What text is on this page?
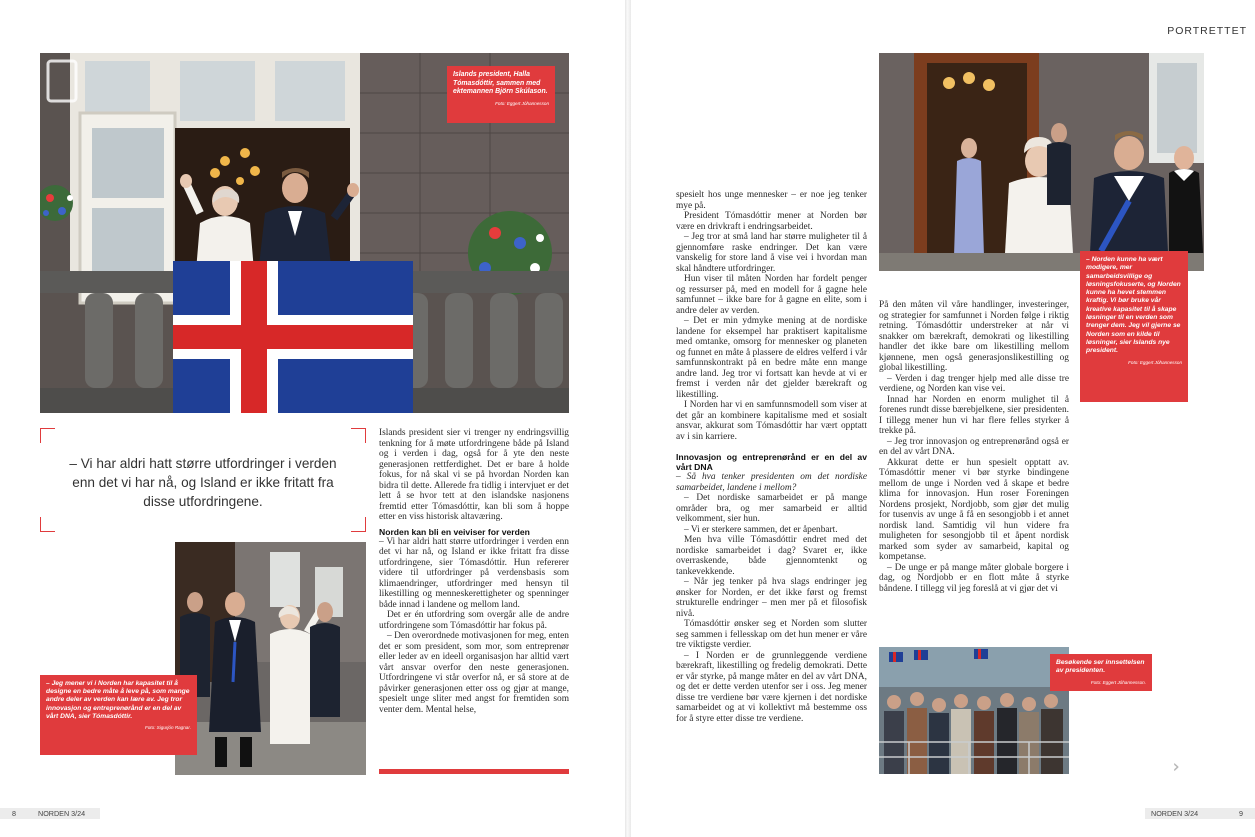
Islands president, Halla Tómasdóttir, sammen med ektemannen Björn Skúlason.
Foto: Eggert Jóhannesson
– Vi har aldri hatt større utfordringer i verden enn det vi har nå, og Island er ikke fritatt fra disse utfordringene.
– Jeg mener vi i Norden har kapasitet til å designe en bedre måte å leve på, som mange andre deler av verden kan lære av. Jeg tror innovasjon og entreprenørånd er en del av vårt DNA, sier Tómasdóttir.
Foto: Sigurjón Ragnar.

Islands president sier vi trenger ny endringsvillig tenkning for å møte utfordringene både på Island og i verden i dag, også for å yte den neste generasjonen rettferdighet. Det er bare å holde fokus, for nå skal vi se på hvordan Norden kan bidra til dette. Allerede fra tidlig i intervjuet er det lett å se hvor tett at den islandske nasjonens fremtid etter Tómasdóttir, kan bli som å hoppe etter en viss historisk altaværing.

Norden kan bli en veiviser for verden

– Vi har aldri hatt større utfordringer i verden enn det vi har nå, og Island er ikke fritatt fra disse utfordringene, sier Tómasdóttir. Hun refererer videre til utfordringer på verdensbasis som klimaendringer, utfordringer med hensyn til likestilling og menneskerettigheter og spenninger både innad i landene og mellom land.

Det er én utfordring som overgår alle de andre utfordringene som Tómasdóttir har fokus på.

– Den overordnede motivasjonen for meg, enten det er som president, som mor, som entreprenør eller leder av en ideell organisasjon har alltid vært vårt ansvar overfor den neste generasjonen. Utfordringene vi står overfor nå, er så store at de påvirker generasjonen etter oss og gjør at mange, spesielt unge sliter med angst for fremtiden som venter dem. Mental helse,

8	NORDEN 3/24
PORTRETTET
– Norden kunne ha vært modigere, mer samarbeidsvillige og løsningsfokuserte, og Norden kunne ha hevet stemmen kraftig. Vi bør bruke vår kreative kapasitet til å skape løsninger til en verden som trenger dem. Jeg vil gjerne se Norden som en kilde til løsninger, sier Islands nye president.
Foto: Eggert Jóhannesson
Besøkende ser innsettelsen av presidenten.
Foto: Eggert Jóhannesson.

spesielt hos unge mennesker – er noe jeg tenker mye på.

President Tómasdóttir mener at Norden bør være en drivkraft i endringsarbeidet.

– Jeg tror at små land har større muligheter til å gjennomføre raske endringer. Det kan være vanskelig for store land å vise vei i hvordan man skal håndtere utfordringer.

Hun viser til måten Norden har fordelt penger og ressurser på, med en modell for å gagne hele samfunnet – ikke bare for å gagne en elite, som i andre deler av verden.

– Det er min ydmyke mening at de nordiske landene for eksempel har praktisert kapitalisme med omtanke, omsorg for mennesker og planeten og funnet en måte å plassere de eldres velferd i vår samfunnskontrakt på en bedre måte enn mange andre land. Jeg tror vi fortsatt kan hevde at vi er fremst i verden når det gjelder bærekraft og likestilling.

I Norden har vi en samfunnsmodell som viser at det går an kombinere kapitalisme med et sosialt ansvar, akkurat som Tómasdóttir har vært opptatt av i sin karriere.

Innovasjon og entreprenørånd er en del av vårt DNA

– Så hva tenker presidenten om det nordiske samarbeidet, landene i mellom?

– Det nordiske samarbeidet er på mange områder bra, og mer samarbeid er alltid velkomment, sier hun.

– Vi er sterkere sammen, det er åpenbart.

Men hva ville Tómasdóttir endret med det nordiske samarbeidet i dag? Svaret er, ikke overraskende, både gjennomtenkt og tankevekkende.

– Når jeg tenker på hva slags endringer jeg ønsker for Norden, er det ikke først og fremst strukturelle endringer – men mer på et filosofisk nivå.

Tómasdóttir ønsker seg et Norden som slutter seg sammen i fellesskap om det hun mener er våre tre viktigste verdier.

– I Norden er de grunnleggende verdiene bærekraft, likestilling og fredelig demokrati. Dette er vår styrke, på mange måter en del av vårt DNA, og det er dette verden utenfor ser i oss. Jeg mener disse tre verdiene bør være kjernen i det nordiske samarbeidet og at vi kollektivt må bestemme oss for å styre etter disse tre verdiene.

På den måten vil våre handlinger, investeringer, og strategier for samfunnet i Norden følge i riktig retning. Tómasdóttir understreker at når vi snakker om bærekraft, demokrati og likestilling handler det ikke bare om likestilling mellom kjønnene, men også generasjonslikestilling og global likestilling.

– Verden i dag trenger hjelp med alle disse tre verdiene, og Norden kan vise vei.

Innad har Norden en enorm mulighet til å forenes rundt disse bærebjelkene, sier presidenten. I tillegg mener hun vi har flere felles styrker å trekke på.

– Jeg tror innovasjon og entreprenørånd også er en del av vårt DNA.

Akkurat dette er hun spesielt opptatt av. Tómasdóttir mener vi bør styrke bindingene mellom de unge i Norden ved å skape et bedre klima for innovasjon. Hun roser Foreningen Nordens prosjekt, Nordjobb, som gjør det mulig for tusenvis av unge å få en sesongjobb i et annet nordisk land. Samtidig vil hun videre fra muligheten for sesongjobb til et åpent nordisk marked som syder av samarbeid, kapital og kompetanse.

– De unge er på mange måter globale borgere i dag, og Nordjobb er en flott måte å styrke båndene. I tillegg vil jeg foreslå at vi gjør det vi

NORDEN 3/24	9
